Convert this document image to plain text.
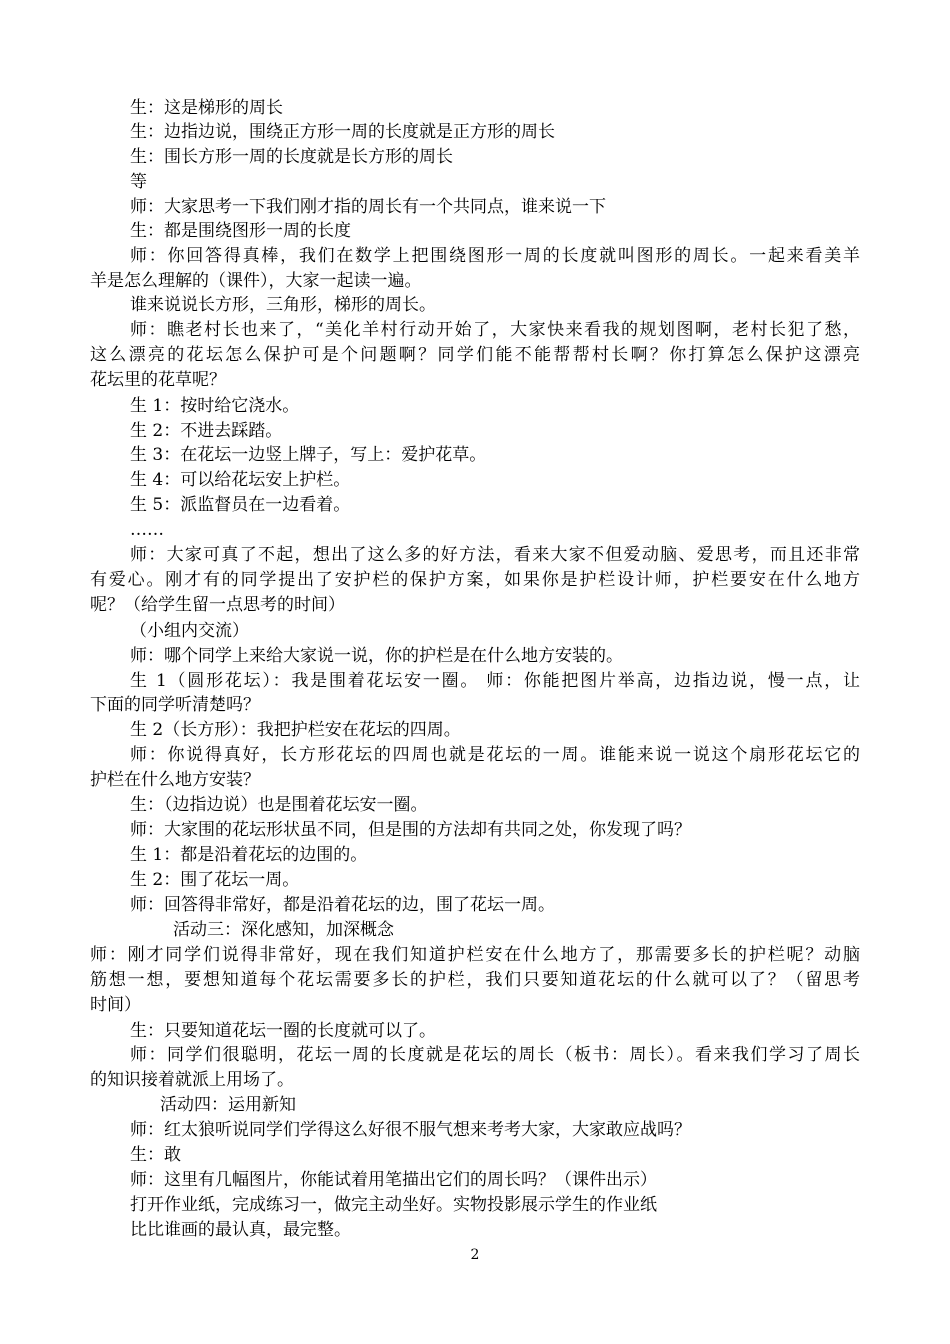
生：这是梯形的周长
生：边指边说，围绕正方形一周的长度就是正方形的周长
生：围长方形一周的长度就是长方形的周长
等
师：大家思考一下我们刚才指的周长有一个共同点，谁来说一下
生：都是围绕图形一周的长度
师：你回答得真棒，我们在数学上把围绕图形一周的长度就叫图形的周长。一起来看美羊
羊是怎么理解的（课件），大家一起读一遍。
谁来说说长方形，三角形，梯形的周长。
师：瞧老村长也来了，“美化羊村行动开始了，大家快来看我的规划图啊，老村长犯了愁，
这么漂亮的花坛怎么保护可是个问题啊？同学们能不能帮帮村长啊？你打算怎么保护这漂亮
花坛里的花草呢？
生 1：按时给它浇水。
生 2：不进去踩踏。
生 3：在花坛一边竖上牌子，写上：爱护花草。
生 4：可以给花坛安上护栏。
生 5：派监督员在一边看着。
……
师：大家可真了不起，想出了这么多的好方法，看来大家不但爱动脑、爱思考，而且还非常
有爱心。刚才有的同学提出了安护栏的保护方案，如果你是护栏设计师，护栏要安在什么地方
呢？（给学生留一点思考的时间）
（小组内交流）
师：哪个同学上来给大家说一说，你的护栏是在什么地方安装的。
生 1（圆形花坛）：我是围着花坛安一圈。 师：你能把图片举高，边指边说，慢一点，让
下面的同学听清楚吗？
生 2（长方形）：我把护栏安在花坛的四周。
师：你说得真好，长方形花坛的四周也就是花坛的一周。谁能来说一说这个扇形花坛它的
护栏在什么地方安装？
生：（边指边说）也是围着花坛安一圈。
师：大家围的花坛形状虽不同，但是围的方法却有共同之处，你发现了吗？
生 1：都是沿着花坛的边围的。
生 2：围了花坛一周。
师：回答得非常好，都是沿着花坛的边，围了花坛一周。
活动三：深化感知，加深概念
师：刚才同学们说得非常好，现在我们知道护栏安在什么地方了，那需要多长的护栏呢？动脑
筋想一想，要想知道每个花坛需要多长的护栏，我们只要知道花坛的什么就可以了？（留思考
时间）
生：只要知道花坛一圈的长度就可以了。
师：同学们很聪明，花坛一周的长度就是花坛的周长（板书：周长）。看来我们学习了周长
的知识接着就派上用场了。
活动四：运用新知
师：红太狼听说同学们学得这么好很不服气想来考考大家，大家敢应战吗？
生：敢
师：这里有几幅图片，你能试着用笔描出它们的周长吗？（课件出示）
打开作业纸，完成练习一，做完主动坐好。实物投影展示学生的作业纸
比比谁画的最认真，最完整。
2
